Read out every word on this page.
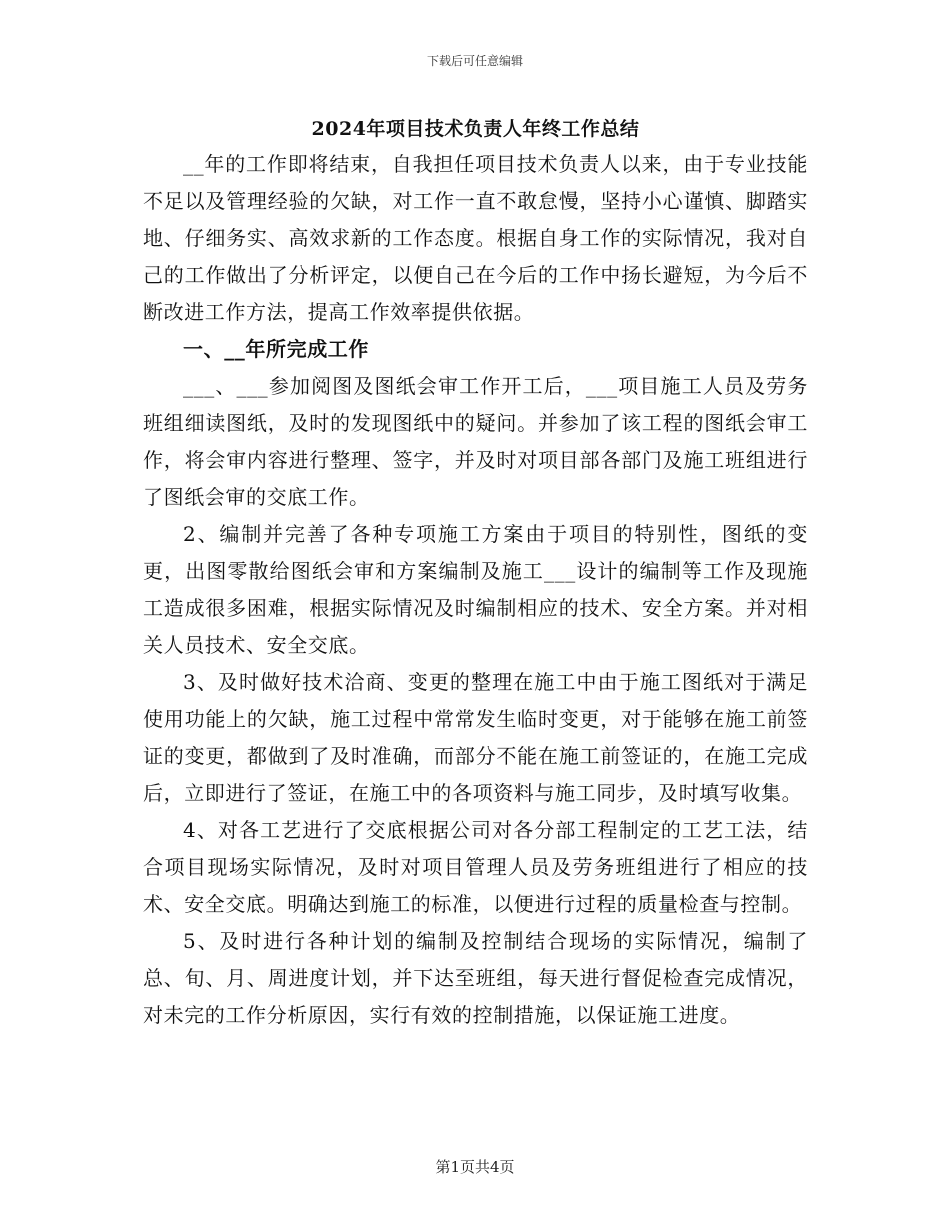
下载后可任意编辑
2024年项目技术负责人年终工作总结

__年的工作即将结束，自我担任项目技术负责人以来，由于专业技能不足以及管理经验的欠缺，对工作一直不敢怠慢，坚持小心谨慎、脚踏实地、仔细务实、高效求新的工作态度。根据自身工作的实际情况，我对自己的工作做出了分析评定，以便自己在今后的工作中扬长避短，为今后不断改进工作方法，提高工作效率提供依据。

一、__年所完成工作

___、___参加阅图及图纸会审工作开工后，___项目施工人员及劳务班组细读图纸，及时的发现图纸中的疑问。并参加了该工程的图纸会审工作，将会审内容进行整理、签字，并及时对项目部各部门及施工班组进行了图纸会审的交底工作。

2、编制并完善了各种专项施工方案由于项目的特别性，图纸的变更，出图零散给图纸会审和方案编制及施工___设计的编制等工作及现施工造成很多困难，根据实际情况及时编制相应的技术、安全方案。并对相关人员技术、安全交底。

3、及时做好技术洽商、变更的整理在施工中由于施工图纸对于满足使用功能上的欠缺，施工过程中常常发生临时变更，对于能够在施工前签证的变更，都做到了及时准确，而部分不能在施工前签证的，在施工完成后，立即进行了签证，在施工中的各项资料与施工同步，及时填写收集。

4、对各工艺进行了交底根据公司对各分部工程制定的工艺工法，结合项目现场实际情况，及时对项目管理人员及劳务班组进行了相应的技术、安全交底。明确达到施工的标准，以便进行过程的质量检查与控制。

5、及时进行各种计划的编制及控制结合现场的实际情况，编制了总、旬、月、周进度计划，并下达至班组，每天进行督促检查完成情况，对未完的工作分析原因，实行有效的控制措施，以保证施工进度。

第1页共4页
